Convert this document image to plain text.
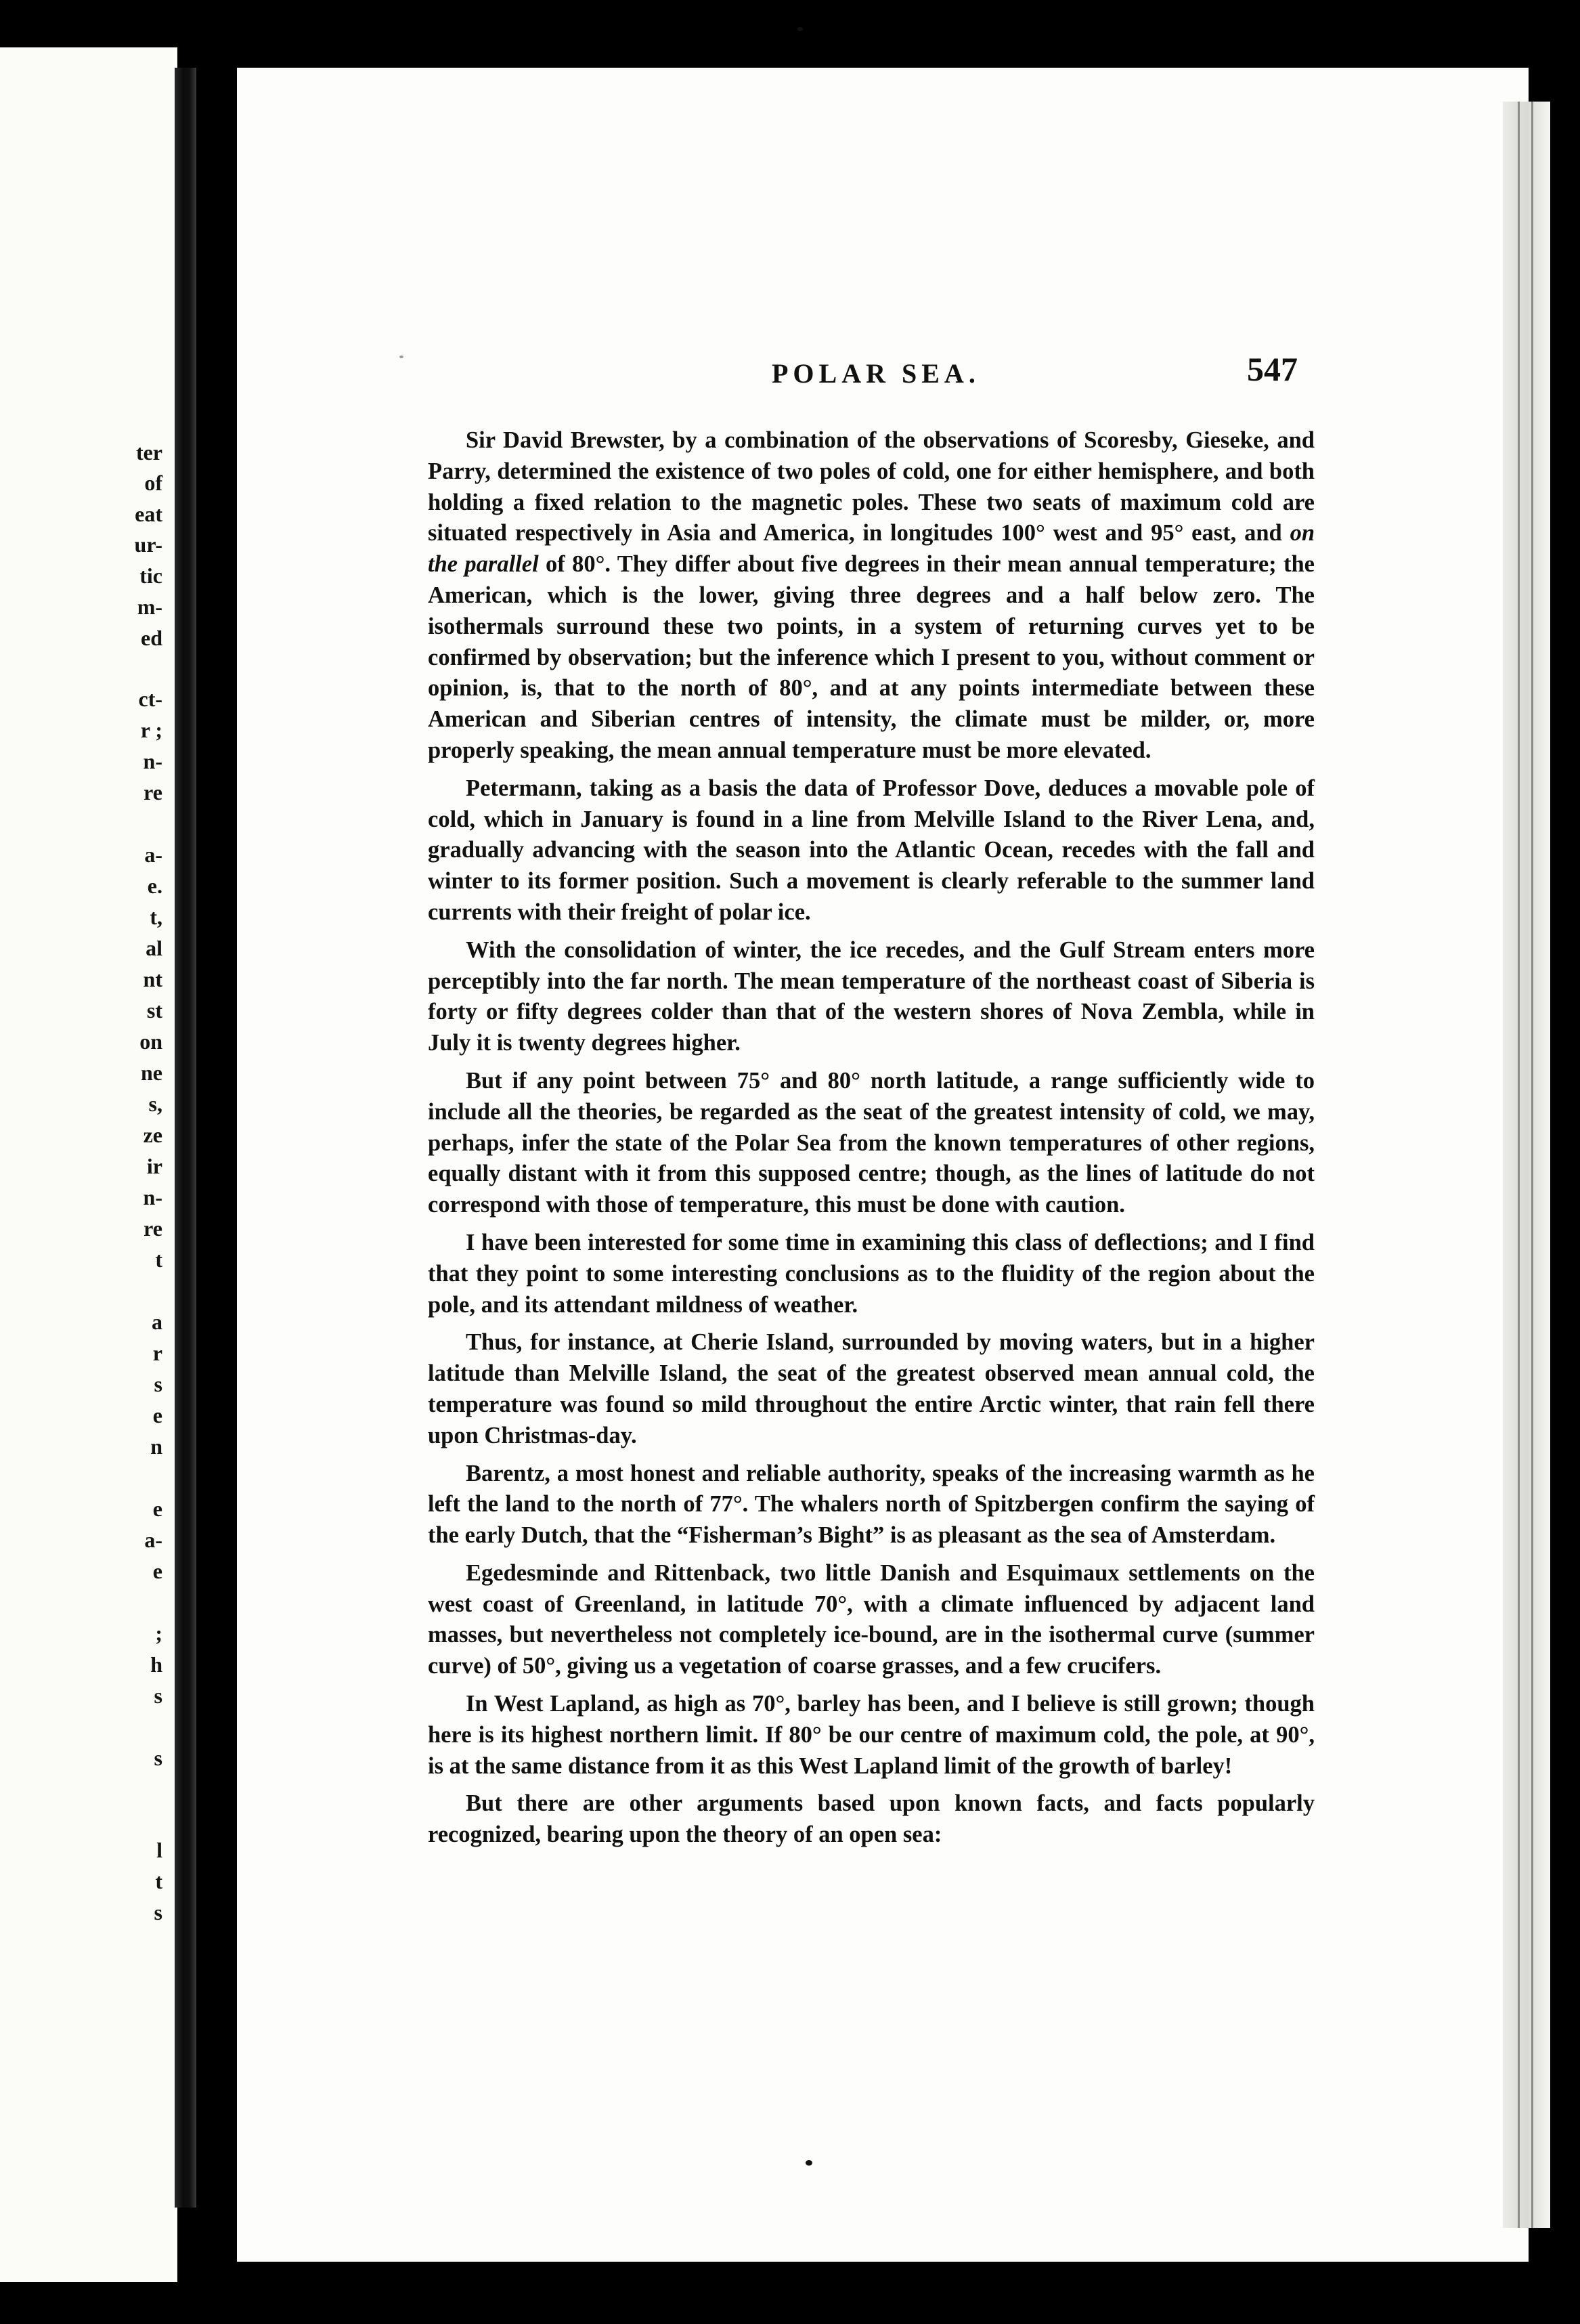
ter
of
eat
ur-
tic
m-
ed
ct-
r ;
n-
re
a-
e.
t,
al
nt
st
on
ne
s,
ze
ir
n-
re
t
a
r
s
e
n
e
a-
e
;
h
s
s
l
t
s
POLAR SEA.	547

Sir David Brewster, by a combination of the observations of Scoresby, Gieseke, and Parry, determined the existence of two poles of cold, one for either hemisphere, and both holding a fixed relation to the magnetic poles. These two seats of maximum cold are situated respectively in Asia and America, in longitudes 100° west and 95° east, and on the parallel of 80°. They differ about five degrees in their mean annual temperature; the American, which is the lower, giving three degrees and a half below zero. The isothermals surround these two points, in a system of returning curves yet to be confirmed by observation; but the inference which I present to you, without comment or opinion, is, that to the north of 80°, and at any points intermediate between these American and Siberian centres of intensity, the climate must be milder, or, more properly speaking, the mean annual temperature must be more elevated.

Petermann, taking as a basis the data of Professor Dove, deduces a movable pole of cold, which in January is found in a line from Melville Island to the River Lena, and, gradually advancing with the season into the Atlantic Ocean, recedes with the fall and winter to its former position. Such a movement is clearly referable to the summer land currents with their freight of polar ice.

With the consolidation of winter, the ice recedes, and the Gulf Stream enters more perceptibly into the far north. The mean temperature of the northeast coast of Siberia is forty or fifty degrees colder than that of the western shores of Nova Zembla, while in July it is twenty degrees higher.

But if any point between 75° and 80° north latitude, a range sufficiently wide to include all the theories, be regarded as the seat of the greatest intensity of cold, we may, perhaps, infer the state of the Polar Sea from the known temperatures of other regions, equally distant with it from this supposed centre; though, as the lines of latitude do not correspond with those of temperature, this must be done with caution.

I have been interested for some time in examining this class of deflections; and I find that they point to some interesting conclusions as to the fluidity of the region about the pole, and its attendant mildness of weather.

Thus, for instance, at Cherie Island, surrounded by moving waters, but in a higher latitude than Melville Island, the seat of the greatest observed mean annual cold, the temperature was found so mild throughout the entire Arctic winter, that rain fell there upon Christmas-day.

Barentz, a most honest and reliable authority, speaks of the increasing warmth as he left the land to the north of 77°. The whalers north of Spitzbergen confirm the saying of the early Dutch, that the “Fisherman’s Bight” is as pleasant as the sea of Amsterdam.

Egedesminde and Rittenback, two little Danish and Esquimaux settlements on the west coast of Greenland, in latitude 70°, with a climate influenced by adjacent land masses, but nevertheless not completely ice-bound, are in the isothermal curve (summer curve) of 50°, giving us a vegetation of coarse grasses, and a few crucifers.

In West Lapland, as high as 70°, barley has been, and I believe is still grown; though here is its highest northern limit. If 80° be our centre of maximum cold, the pole, at 90°, is at the same distance from it as this West Lapland limit of the growth of barley!

But there are other arguments based upon known facts, and facts popularly recognized, bearing upon the theory of an open sea:
